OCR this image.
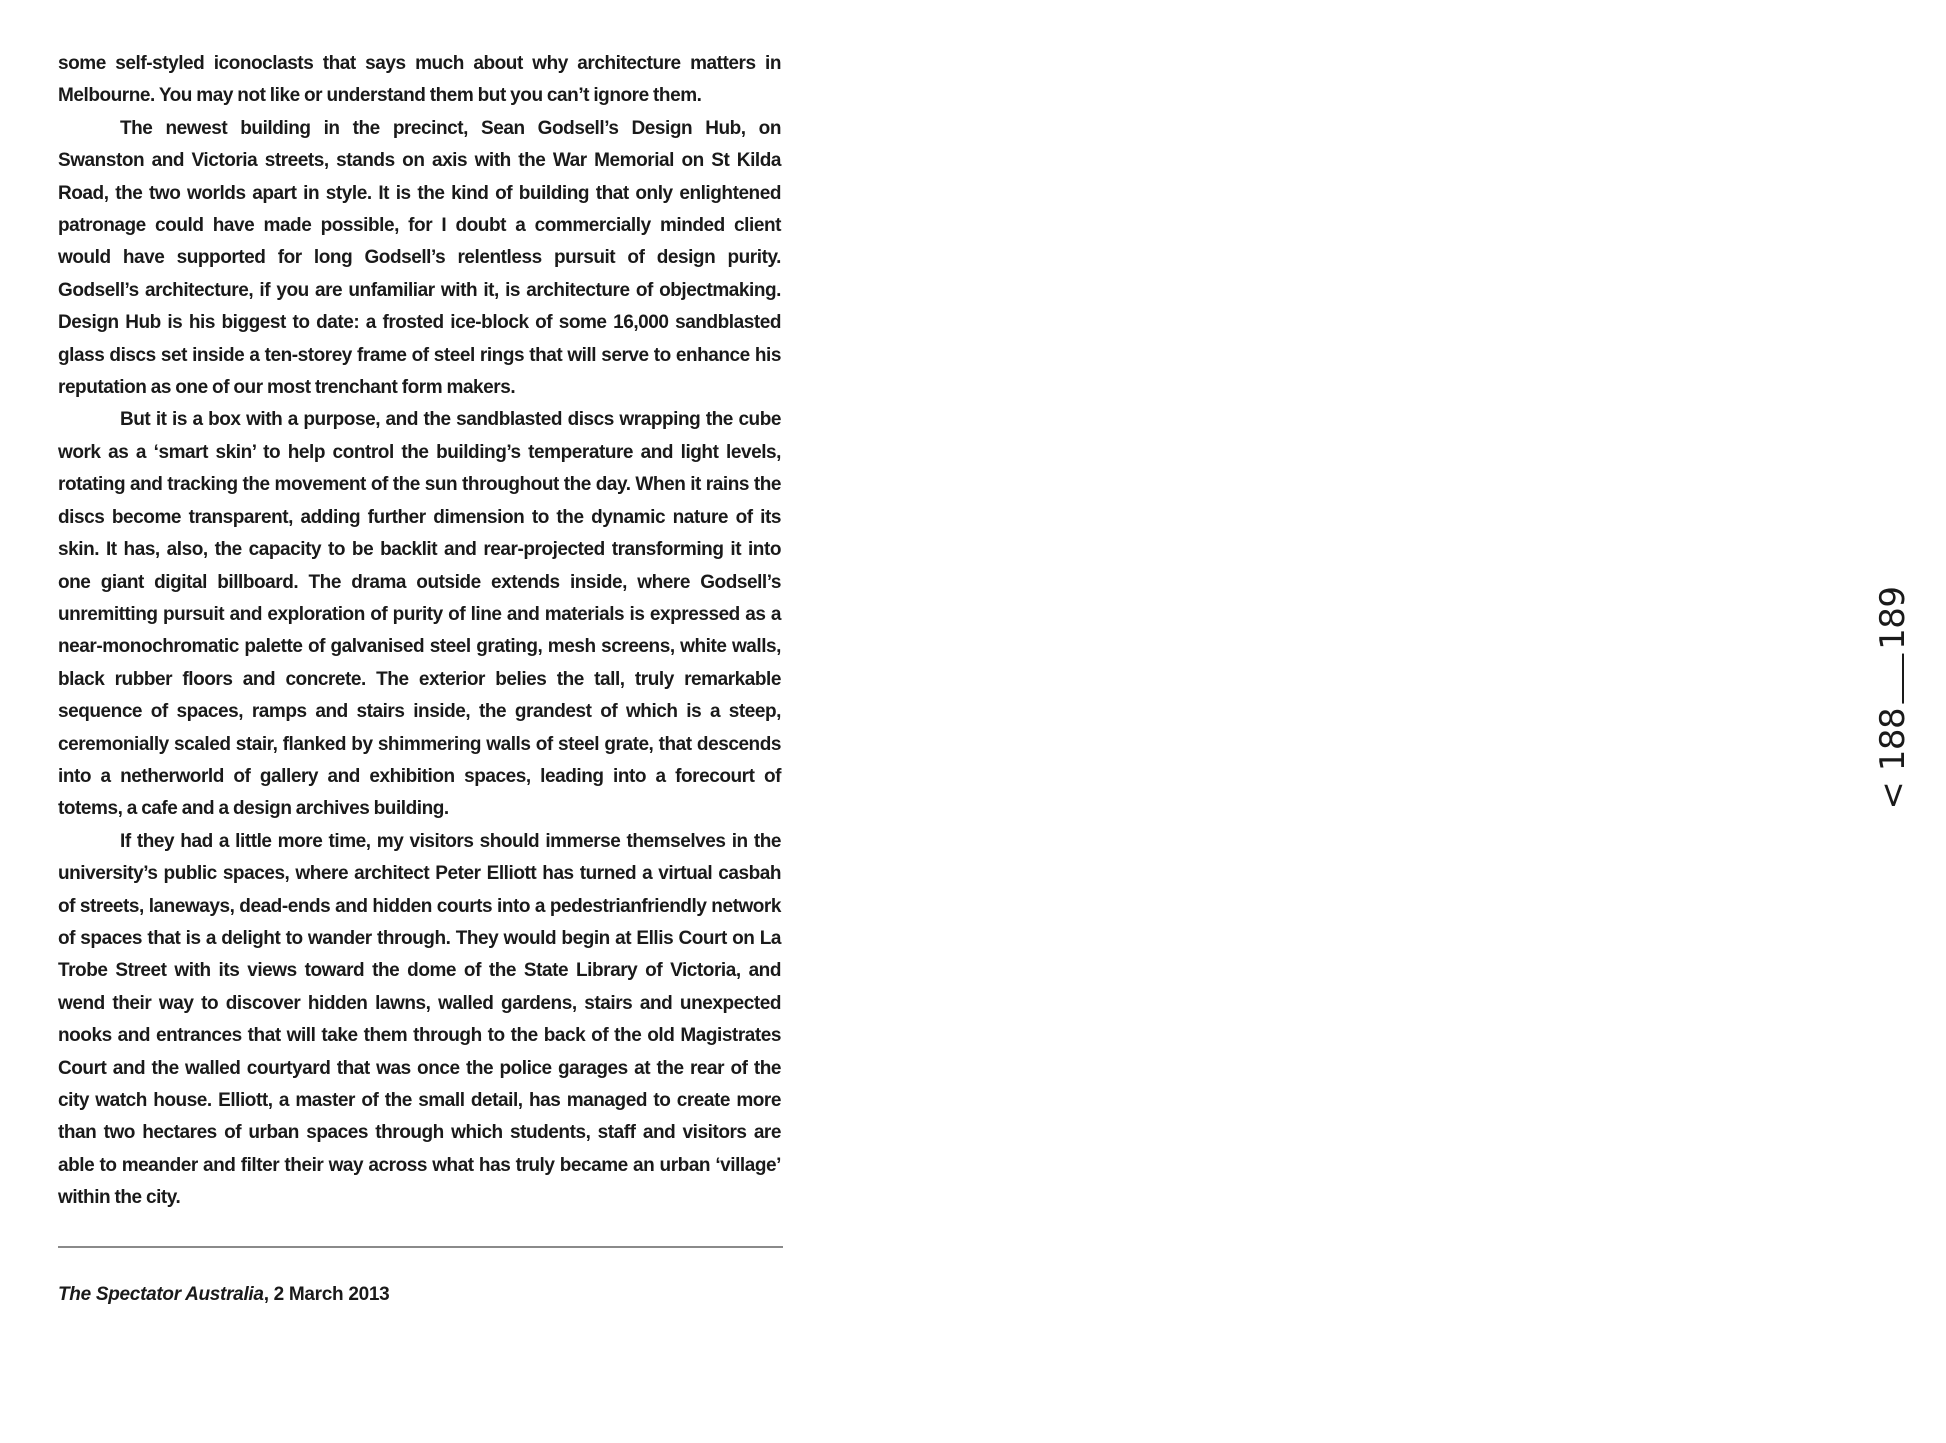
some self-styled iconoclasts that says much about why architecture matters in Melbourne. You may not like or understand them but you can’t ignore them.

The newest building in the precinct, Sean Godsell’s Design Hub, on Swanston and Victoria streets, stands on axis with the War Memorial on St Kilda Road, the two worlds apart in style. It is the kind of building that only enlightened patronage could have made possible, for I doubt a commercially minded client would have supported for long Godsell’s relentless pursuit of design purity. Godsell’s architecture, if you are unfamiliar with it, is architecture of objectmaking. Design Hub is his biggest to date: a frosted ice-block of some 16,000 sandblasted glass discs set inside a ten-storey frame of steel rings that will serve to enhance his reputation as one of our most trenchant form makers.

But it is a box with a purpose, and the sandblasted discs wrapping the cube work as a ‘smart skin’ to help control the building’s temperature and light levels, rotating and tracking the movement of the sun throughout the day. When it rains the discs become transparent, adding further dimension to the dynamic nature of its skin. It has, also, the capacity to be backlit and rear-projected transforming it into one giant digital billboard. The drama outside extends inside, where Godsell’s unremitting pursuit and exploration of purity of line and materials is expressed as a near-monochromatic palette of galvanised steel grating, mesh screens, white walls, black rubber floors and concrete. The exterior belies the tall, truly remarkable sequence of spaces, ramps and stairs inside, the grandest of which is a steep, ceremonially scaled stair, flanked by shimmering walls of steel grate, that descends into a netherworld of gallery and exhibition spaces, leading into a forecourt of totems, a cafe and a design archives building.

If they had a little more time, my visitors should immerse themselves in the university’s public spaces, where architect Peter Elliott has turned a virtual casbah of streets, laneways, dead-ends and hidden courts into a pedestrianfriendly network of spaces that is a delight to wander through. They would begin at Ellis Court on La Trobe Street with its views toward the dome of the State Library of Victoria, and wend their way to discover hidden lawns, walled gardens, stairs and unexpected nooks and entrances that will take them through to the back of the old Magistrates Court and the walled courtyard that was once the police garages at the rear of the city watch house. Elliott, a master of the small detail, has managed to create more than two hectares of urban spaces through which students, staff and visitors are able to meander and filter their way across what has truly became an urban ‘village’ within the city.

The Spectator Australia, 2 March 2013
< 188189
